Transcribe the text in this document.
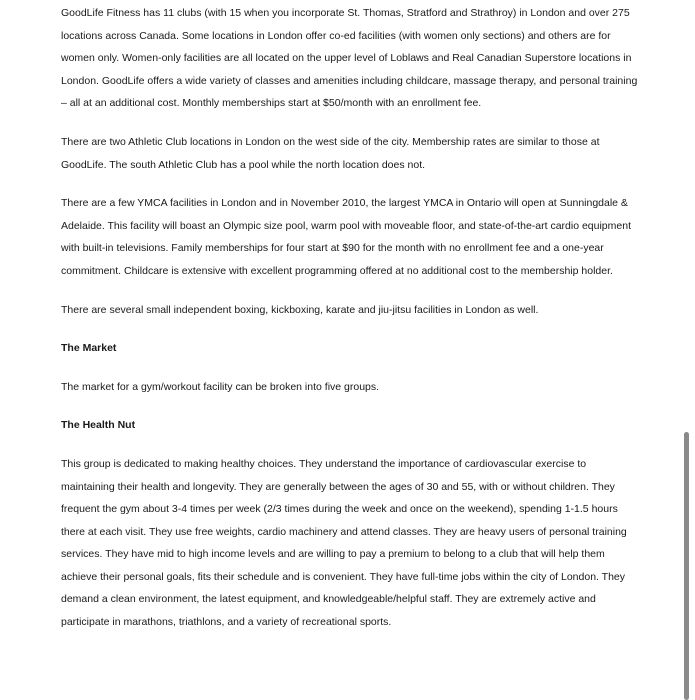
GoodLife Fitness has 11 clubs (with 15 when you incorporate St. Thomas, Stratford and Strathroy) in London and over 275 locations across Canada. Some locations in London offer co-ed facilities (with women only sections) and others are for women only. Women-only facilities are all located on the upper level of Loblaws and Real Canadian Superstore locations in London. GoodLife offers a wide variety of classes and amenities including childcare, massage therapy, and personal training – all at an additional cost. Monthly memberships start at $50/month with an enrollment fee.

There are two Athletic Club locations in London on the west side of the city. Membership rates are similar to those at GoodLife. The south Athletic Club has a pool while the north location does not.

There are a few YMCA facilities in London and in November 2010, the largest YMCA in Ontario will open at Sunningdale & Adelaide. This facility will boast an Olympic size pool, warm pool with moveable floor, and state-of-the-art cardio equipment with built-in televisions. Family memberships for four start at $90 for the month with no enrollment fee and a one-year commitment. Childcare is extensive with excellent programming offered at no additional cost to the membership holder.

There are several small independent boxing, kickboxing, karate and jiu-jitsu facilities in London as well.

The Market

The market for a gym/workout facility can be broken into five groups.

The Health Nut

This group is dedicated to making healthy choices. They understand the importance of cardiovascular exercise to maintaining their health and longevity. They are generally between the ages of 30 and 55, with or without children. They frequent the gym about 3-4 times per week (2/3 times during the week and once on the weekend), spending 1-1.5 hours there at each visit. They use free weights, cardio machinery and attend classes. They are heavy users of personal training services. They have mid to high income levels and are willing to pay a premium to belong to a club that will help them achieve their personal goals, fits their schedule and is convenient. They have full-time jobs within the city of London. They demand a clean environment, the latest equipment, and knowledgeable/helpful staff. They are extremely active and participate in marathons, triathlons, and a variety of recreational sports.
